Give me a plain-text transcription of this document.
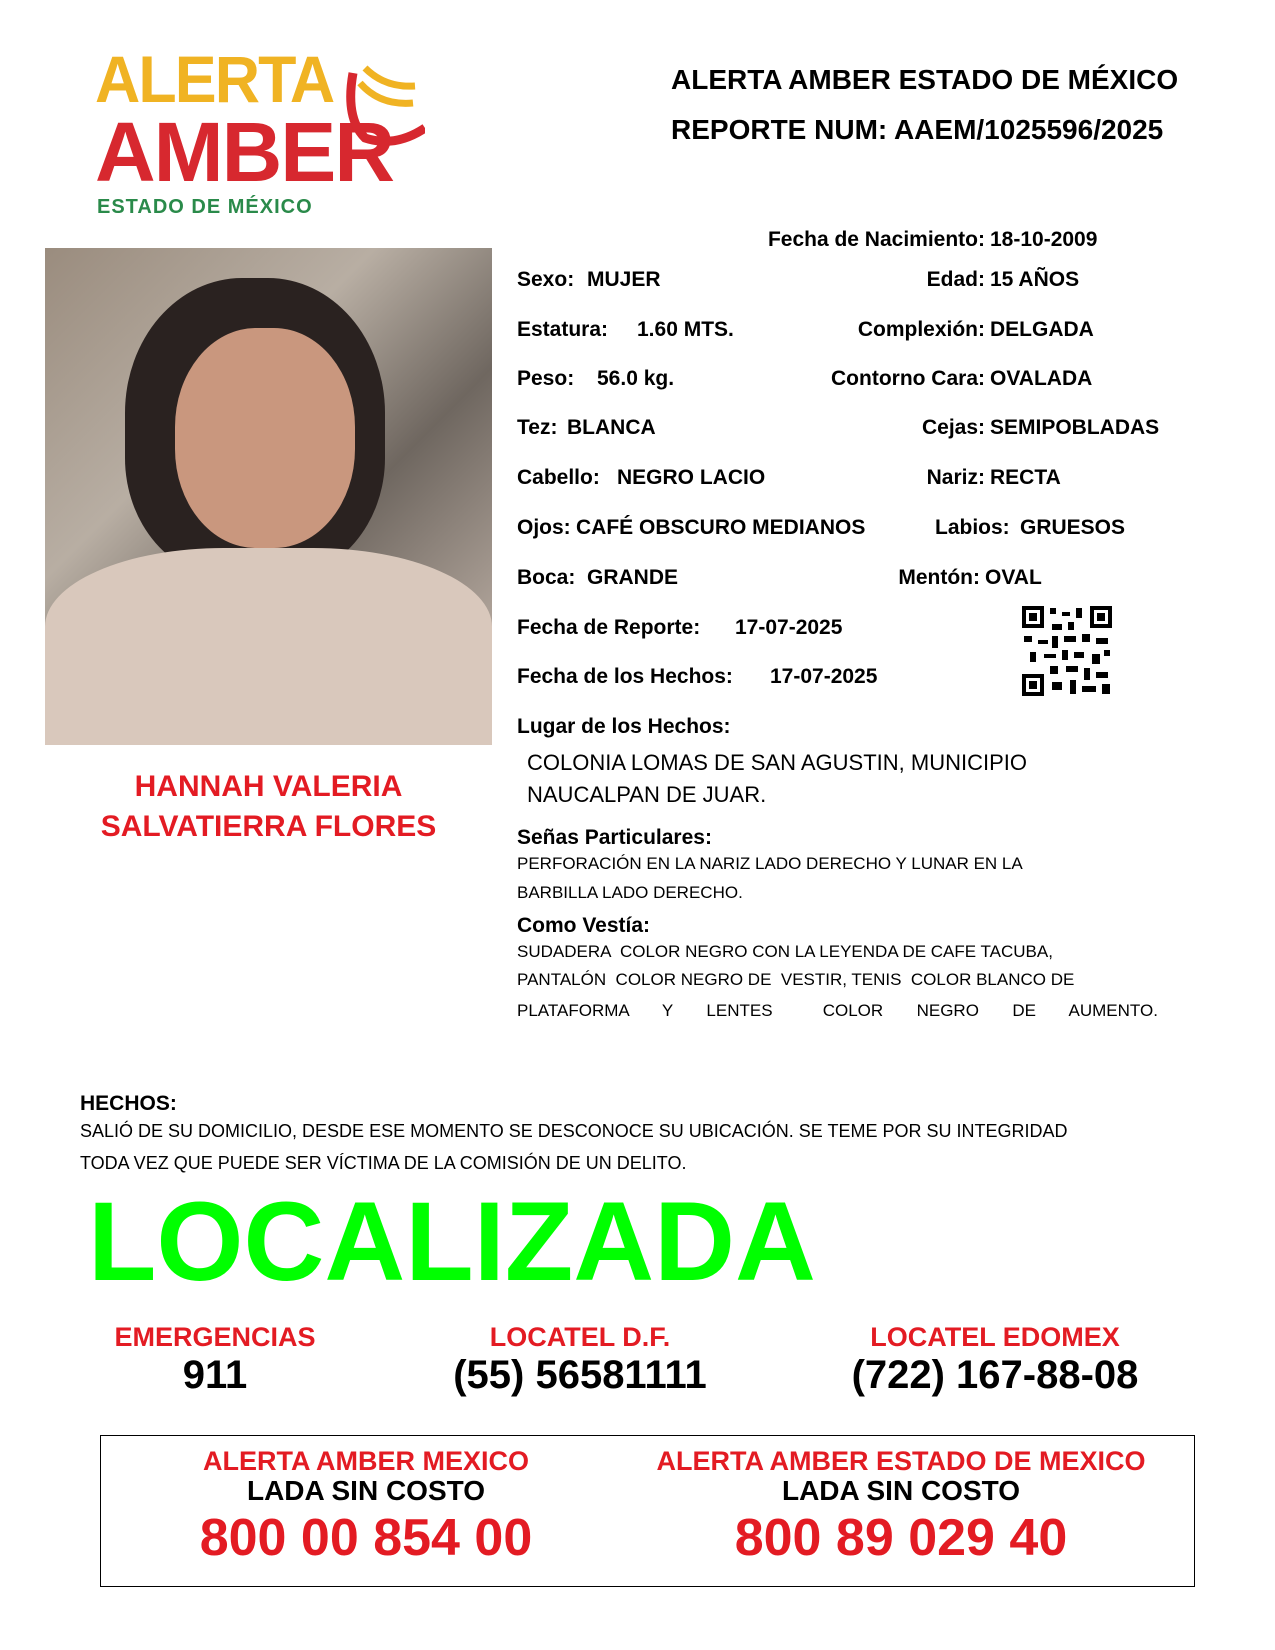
ALERTA
AMBER
ESTADO DE MÉXICO
ALERTA AMBER ESTADO DE MÉXICO
REPORTE NUM: AAEM/1025596/2025
LOCALIZADA
HANNAH VALERIA
SALVATIERRA FLORES
Fecha de Nacimiento: 18-10-2009
Sexo: MUJER	Edad: 15 AÑOS
Estatura: 1.60 MTS.	Complexión: DELGADA
Peso: 56.0 kg.	Contorno Cara: OVALADA
Tez: BLANCA	Cejas: SEMIPOBLADAS
Cabello: NEGRO LACIO	Nariz: RECTA
Ojos: CAFÉ OBSCURO MEDIANOS	Labios: GRUESOS
Boca: GRANDE	Mentón: OVAL
Fecha de Reporte: 17-07-2025
Fecha de los Hechos: 17-07-2025
Lugar de los Hechos:
COLONIA LOMAS DE SAN AGUSTIN, MUNICIPIO
NAUCALPAN DE JUAR.
Señas Particulares:
PERFORACIÓN EN LA NARIZ LADO DERECHO Y LUNAR EN LA
BARBILLA LADO DERECHO.
Como Vestía:
SUDADERA  COLOR NEGRO CON LA LEYENDA DE CAFE TACUBA,
PANTALÓN  COLOR NEGRO DE  VESTIR, TENIS  COLOR BLANCO DE
PLATAFORMA  Y  LENTES   COLOR  NEGRO  DE  AUMENTO.
HECHOS:
SALIÓ DE SU DOMICILIO, DESDE ESE MOMENTO SE DESCONOCE SU UBICACIÓN. SE TEME POR SU INTEGRIDAD
TODA VEZ QUE PUEDE SER VÍCTIMA DE LA COMISIÓN DE UN DELITO.
EMERGENCIAS
911
LOCATEL D.F.
(55) 56581111
LOCATEL EDOMEX
(722) 167-88-08
ALERTA AMBER MEXICO
LADA SIN COSTO
800 00 854 00
ALERTA AMBER ESTADO DE MEXICO
LADA SIN COSTO
800 89 029 40
